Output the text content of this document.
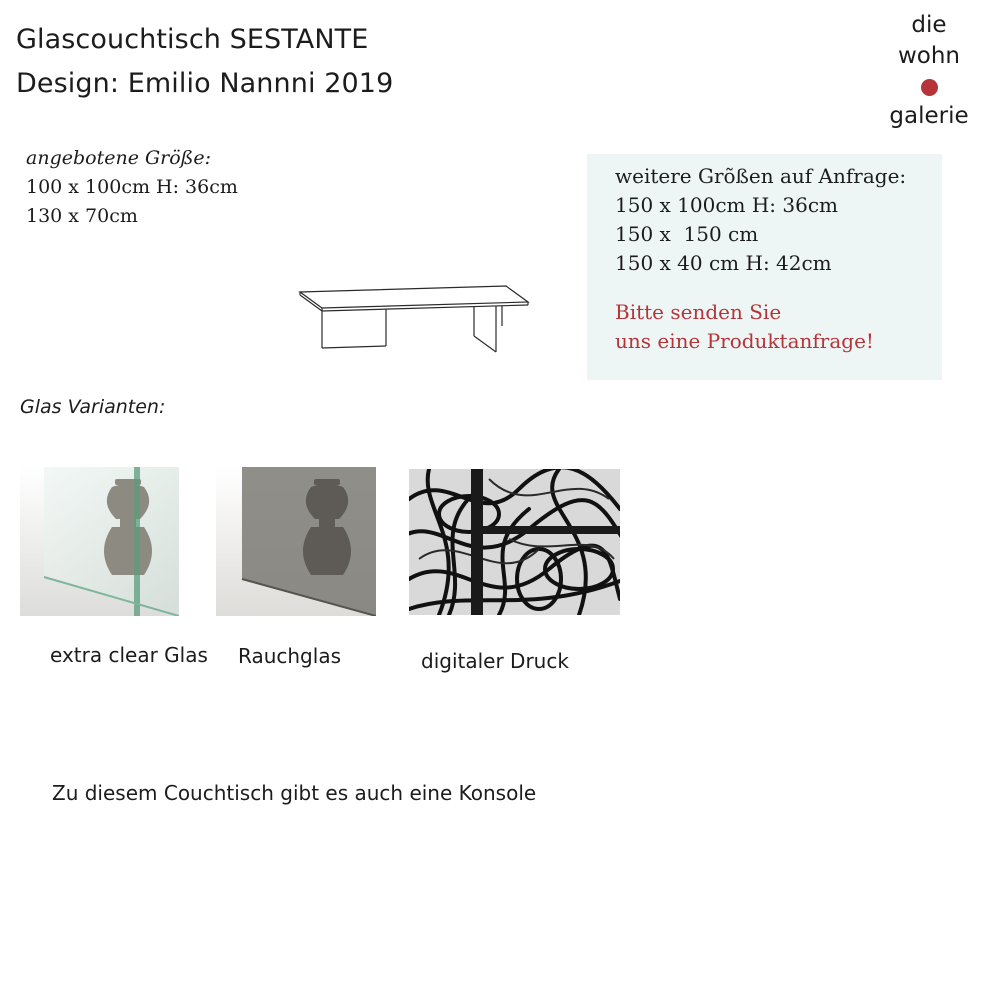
Glascouchtisch SESTANTE
Design: Emilio Nannni 2019
die
wohn
galerie
angebotene Größe:
100 x 100cm H: 36cm
130 x 70cm
weitere Grõßen auf Anfrage:
150 x 100cm H: 36cm
150 x  150 cm
150 x 40 cm H: 42cm
Bitte senden Sie
uns eine Produktanfrage!
Glas Varianten:
extra clear Glas Rauchglas	digitaler Druck
Zu diesem Couchtisch gibt es auch eine Konsole
